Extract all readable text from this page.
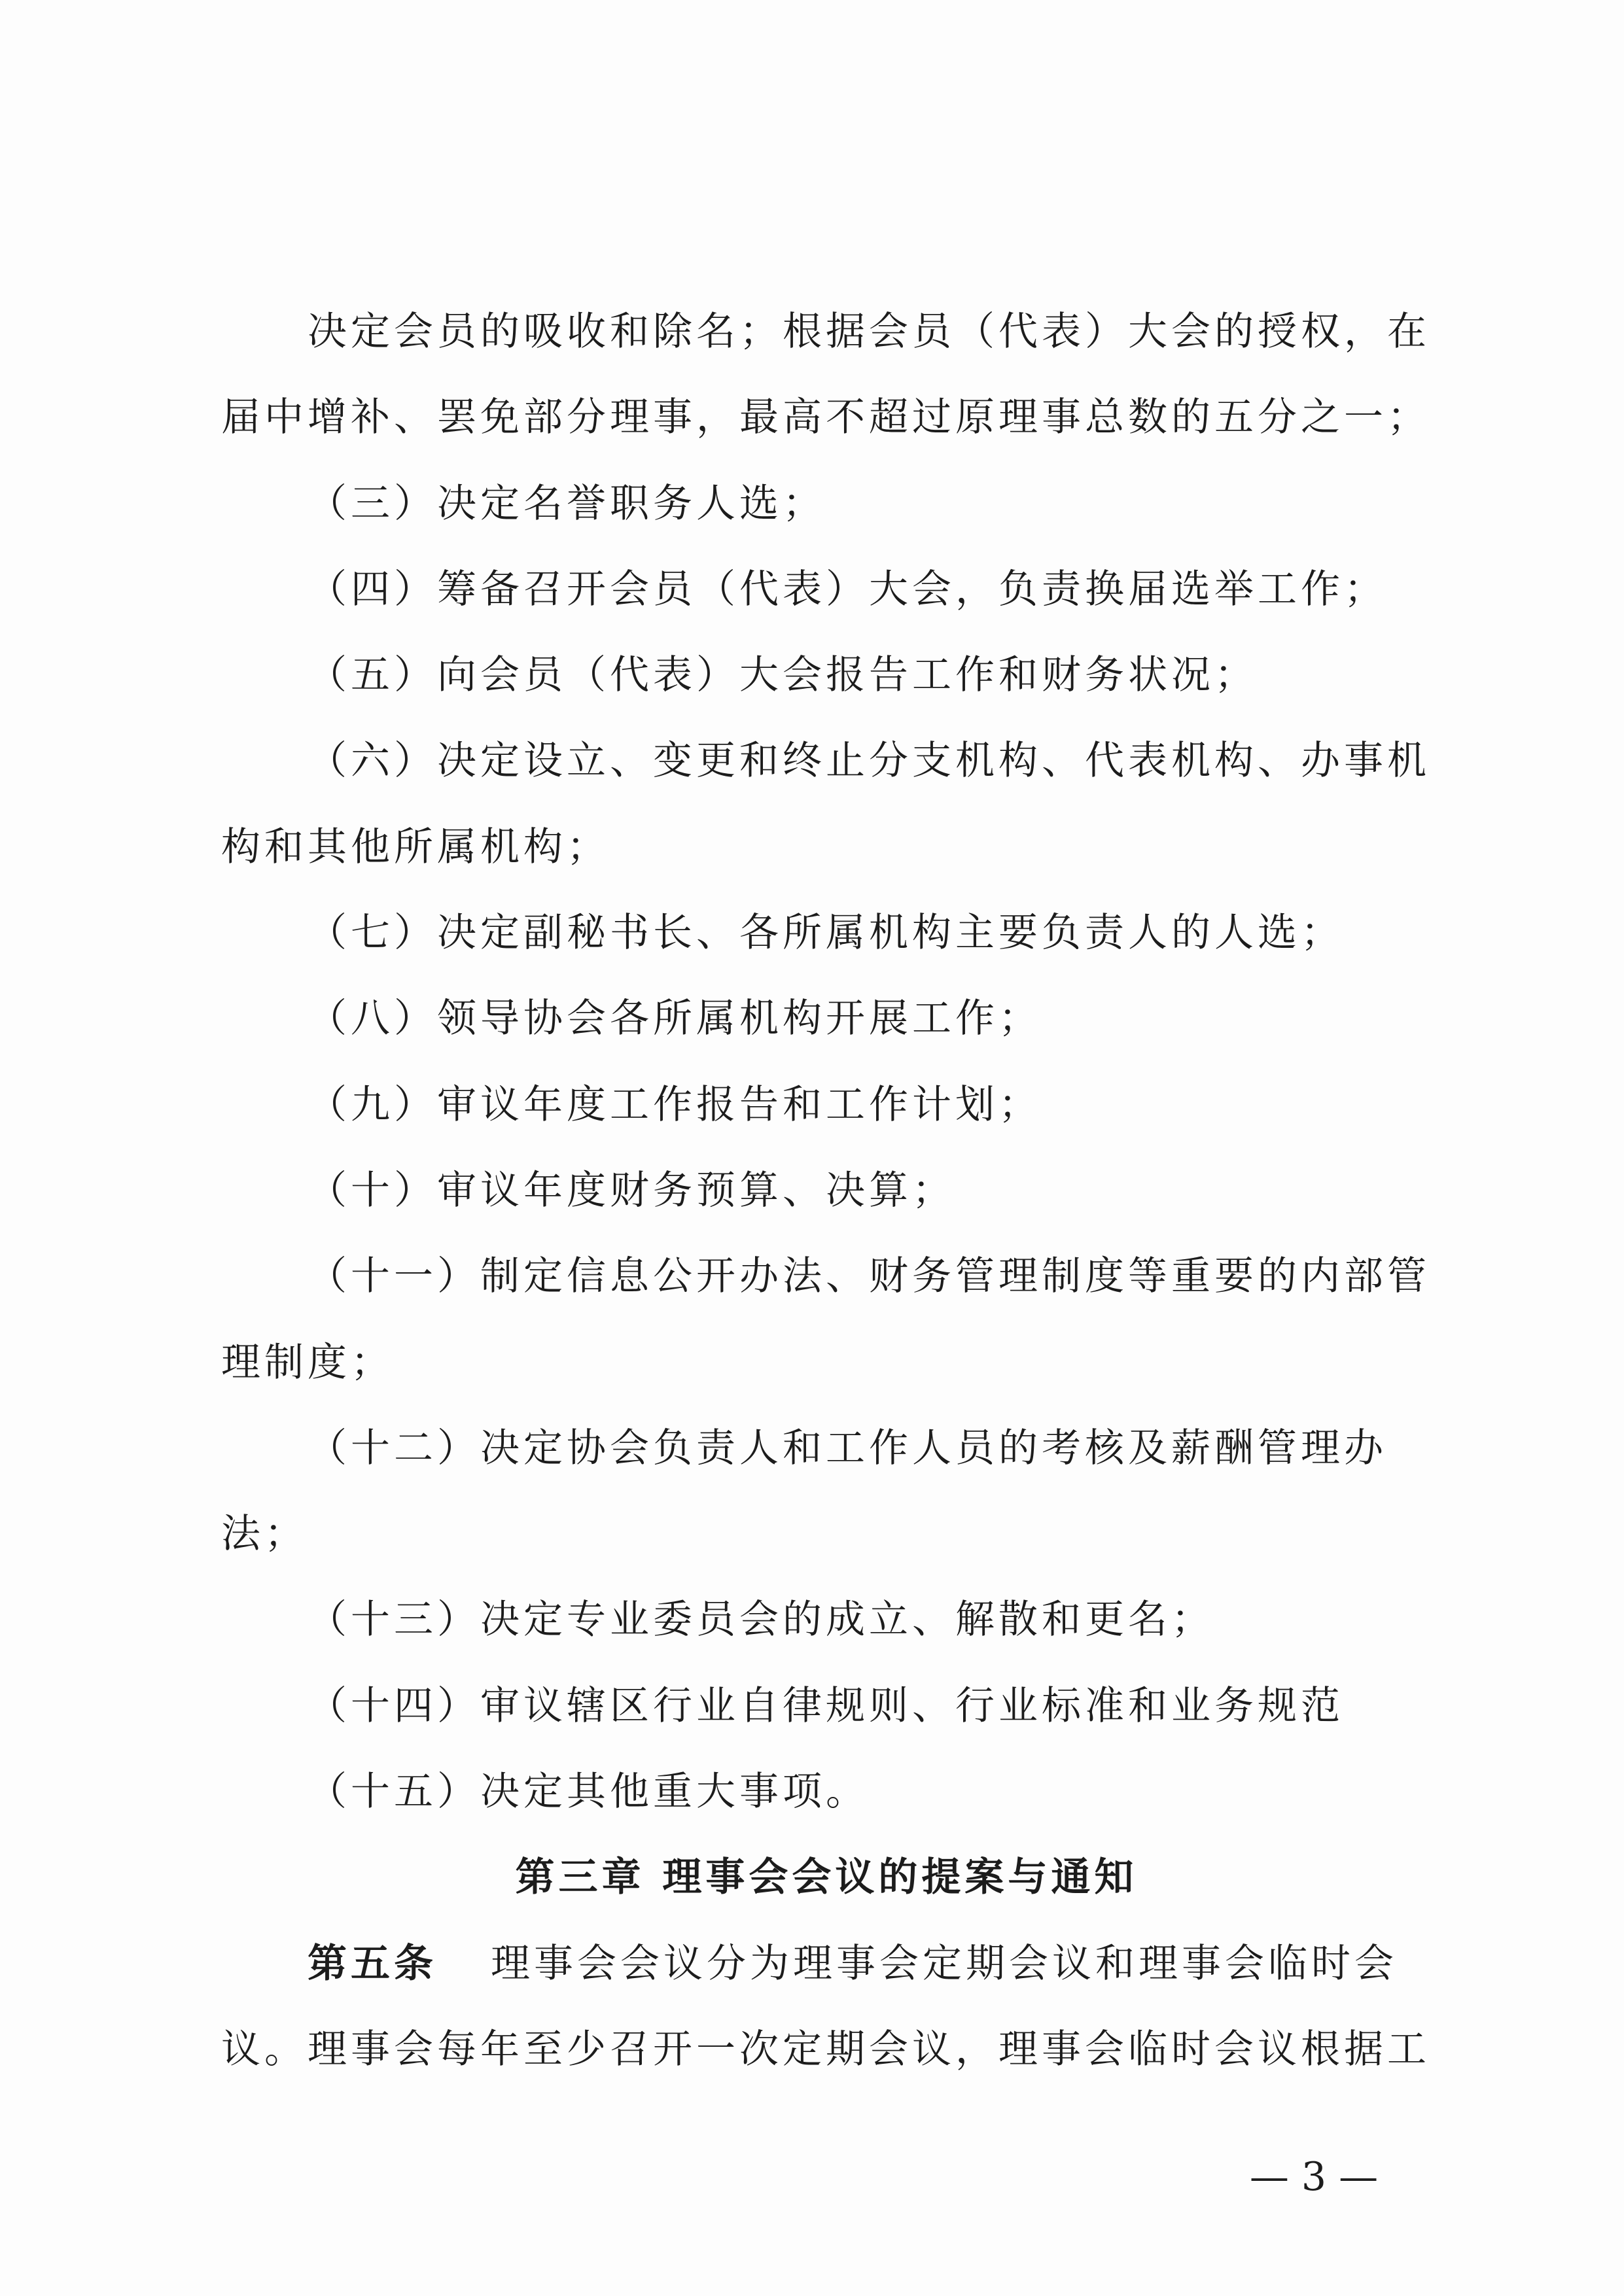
决定会员的吸收和除名；根据会员（代表）大会的授权，在
届中增补、罢免部分理事，最高不超过原理事总数的五分之一；
（三）决定名誉职务人选；
（四）筹备召开会员（代表）大会，负责换届选举工作；
（五）向会员（代表）大会报告工作和财务状况；
（六）决定设立、变更和终止分支机构、代表机构、办事机
构和其他所属机构；
（七）决定副秘书长、各所属机构主要负责人的人选；
（八）领导协会各所属机构开展工作；
（九）审议年度工作报告和工作计划；
（十）审议年度财务预算、决算；
（十一）制定信息公开办法、财务管理制度等重要的内部管
理制度；
（十二）决定协会负责人和工作人员的考核及薪酬管理办
法；
（十三）决定专业委员会的成立、解散和更名；
（十四）审议辖区行业自律规则、行业标准和业务规范
（十五）决定其他重大事项。
第三章 理事会会议的提案与通知
第五条 理事会会议分为理事会定期会议和理事会临时会
议。理事会每年至少召开一次定期会议，理事会临时会议根据工
— 3 —
